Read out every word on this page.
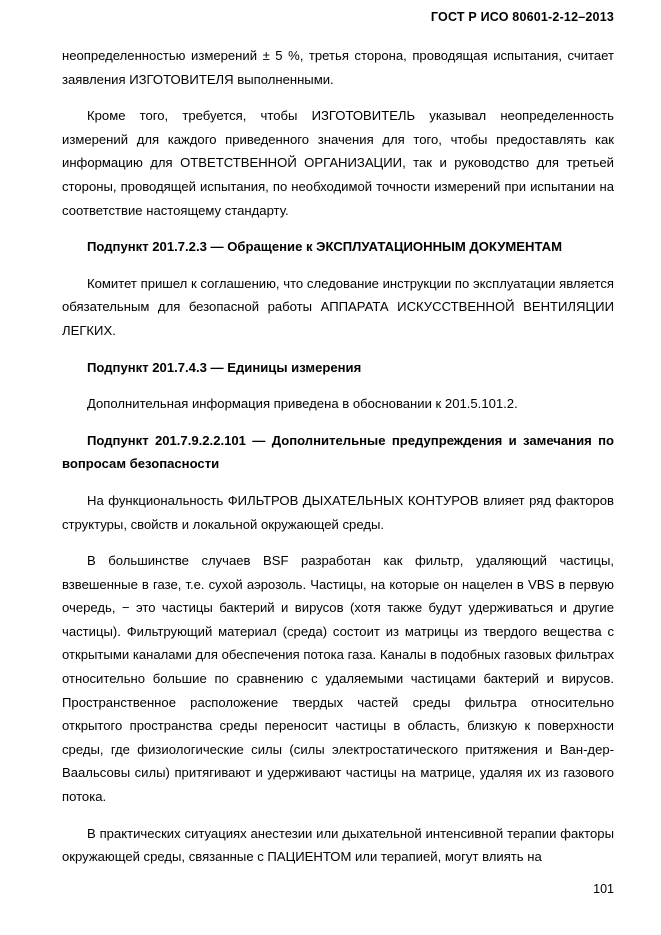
ГОСТ Р ИСО 80601-2-12–2013

неопределенностью измерений ± 5 %, третья сторона, проводящая испытания, считает заявления ИЗГОТОВИТЕЛЯ выполненными.

Кроме того, требуется, чтобы ИЗГОТОВИТЕЛЬ указывал неопределенность измерений для каждого приведенного значения для того, чтобы предоставлять как информацию для ОТВЕТСТВЕННОЙ ОРГАНИЗАЦИИ, так и руководство для третьей стороны, проводящей испытания, по необходимой точности измерений при испытании на соответствие настоящему стандарту.

Подпункт 201.7.2.3 — Обращение к ЭКСПЛУАТАЦИОННЫМ ДОКУМЕНТАМ

Комитет пришел к соглашению, что следование инструкции по эксплуатации является обязательным для безопасной работы АППАРАТА ИСКУССТВЕННОЙ ВЕНТИЛЯЦИИ ЛЕГКИХ.

Подпункт 201.7.4.3 — Единицы измерения

Дополнительная информация приведена в обосновании к 201.5.101.2.

Подпункт 201.7.9.2.2.101 — Дополнительные предупреждения и замечания по вопросам безопасности

На функциональность ФИЛЬТРОВ ДЫХАТЕЛЬНЫХ КОНТУРОВ влияет ряд факторов структуры, свойств и локальной окружающей среды.

В большинстве случаев BSF разработан как фильтр, удаляющий частицы, взвешенные в газе, т.е. сухой аэрозоль. Частицы, на которые он нацелен в VBS в первую очередь, − это частицы бактерий и вирусов (хотя также будут удерживаться и другие частицы). Фильтрующий материал (среда) состоит из матрицы из твердого вещества с открытыми каналами для обеспечения потока газа. Каналы в подобных газовых фильтрах относительно большие по сравнению с удаляемыми частицами бактерий и вирусов. Пространственное расположение твердых частей среды фильтра относительно открытого пространства среды переносит частицы в область, близкую к поверхности среды, где физиологические силы (силы электростатического притяжения и Ван-дер-Ваальсовы силы) притягивают и удерживают частицы на матрице, удаляя их из газового потока.

В практических ситуациях анестезии или дыхательной интенсивной терапии факторы окружающей среды, связанные с ПАЦИЕНТОМ или терапией, могут влиять на

101
